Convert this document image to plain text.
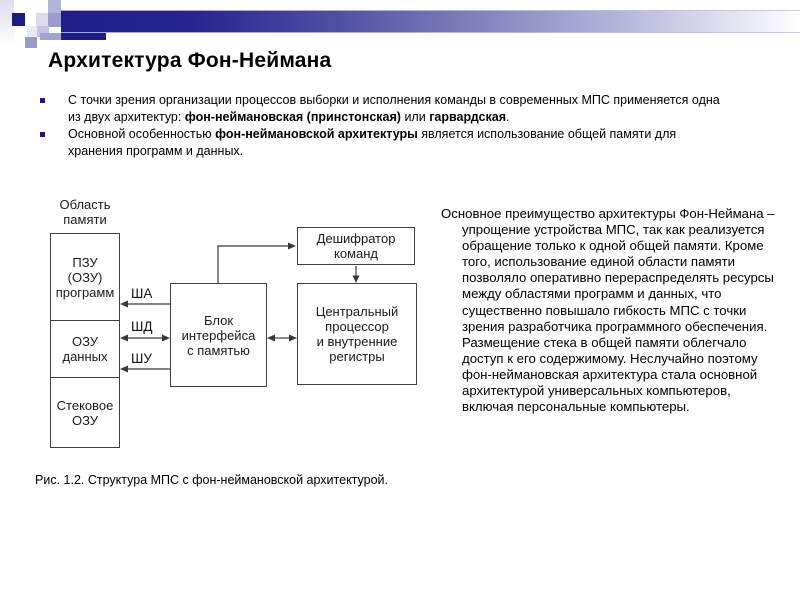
Архитектура Фон-Неймана
С точки зрения организации процессов выборки и исполнения команды в современных МПС применяется одна из двух архитектур: фон-неймановская (принстонская) или гарвардская.
Основной особенностью фон-неймановской архитектуры является использование общей памяти для хранения программ и данных.
Область
памяти
ПЗУ
(ОЗУ)
программ
ОЗУ
данных
Стековое
ОЗУ
Блок
интерфейса
с памятью
Дешифратор
команд
Центральный
процессор
и внутренние
регистры
ША
ШД
ШУ
Основное преимущество архитектуры Фон-Неймана – упрощение устройства МПС, так как реализуется обращение только к одной общей памяти. Кроме того, использование единой области памяти позволяло оперативно перераспределять ресурсы между областями программ и данных, что существенно повышало гибкость МПС с точки зрения разработчика программного обеспечения. Размещение стека в общей памяти облегчало доступ к его содержимому. Неслучайно поэтому фон-неймановская архитектура стала основной архитектурой универсальных компьютеров, включая персональные компьютеры.
Рис. 1.2. Структура МПС с фон-неймановской архитектурой.
